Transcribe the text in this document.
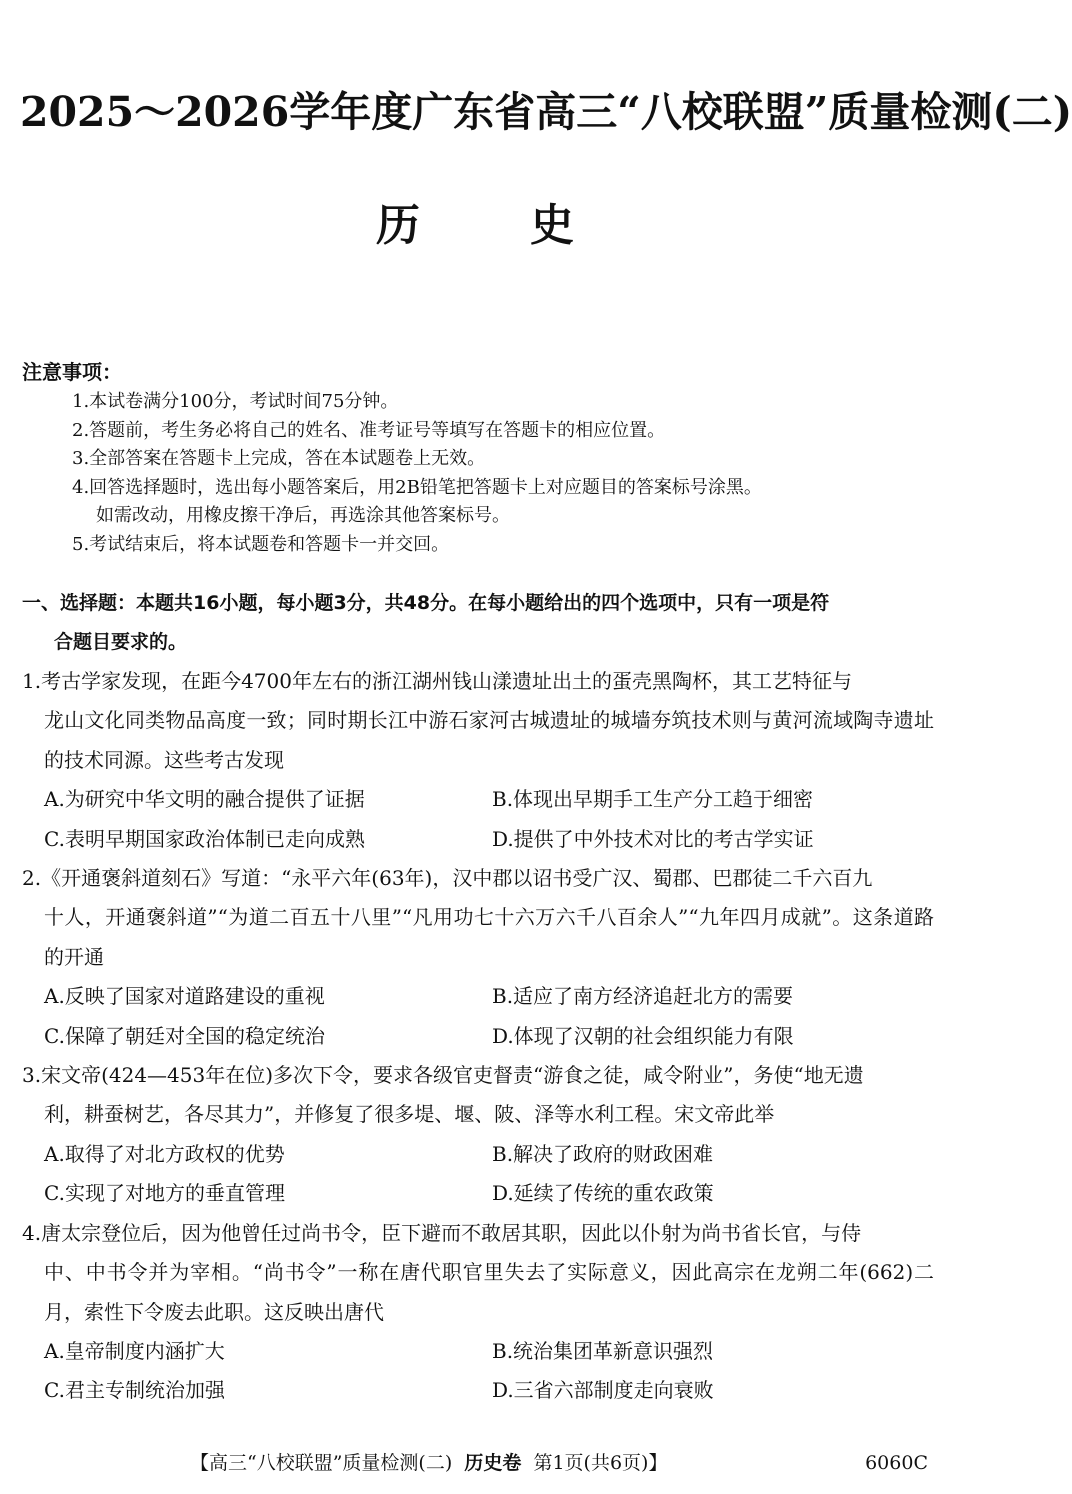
2025～2026学年度广东省高三“八校联盟”质量检测(二)
历	史
注意事项：
1.本试卷满分100分，考试时间75分钟。
2.答题前，考生务必将自己的姓名、准考证号等填写在答题卡的相应位置。
3.全部答案在答题卡上完成，答在本试题卷上无效。
4.回答选择题时，选出每小题答案后，用2B铅笔把答题卡上对应题目的答案标号涂黑。
如需改动，用橡皮擦干净后，再选涂其他答案标号。
5.考试结束后，将本试题卷和答题卡一并交回。
一、选择题：本题共16小题，每小题3分，共48分。在每小题给出的四个选项中，只有一项是符
合题目要求的。
1.考古学家发现，在距今4700年左右的浙江湖州钱山漾遗址出土的蛋壳黑陶杯，其工艺特征与
龙山文化同类物品高度一致；同时期长江中游石家河古城遗址的城墙夯筑技术则与黄河流域陶寺遗址的技术同源。这些考古发现
A.为研究中华文明的融合提供了证据	B.体现出早期手工生产分工趋于细密
C.表明早期国家政治体制已走向成熟	D.提供了中外技术对比的考古学实证
2.《开通褒斜道刻石》写道：“永平六年(63年)，汉中郡以诏书受广汉、蜀郡、巴郡徒二千六百九
十人，开通褒斜道”“为道二百五十八里”“凡用功七十六万六千八百余人”“九年四月成就”。这条道路的开通
A.反映了国家对道路建设的重视	B.适应了南方经济追赶北方的需要
C.保障了朝廷对全国的稳定统治	D.体现了汉朝的社会组织能力有限
3.宋文帝(424—453年在位)多次下令，要求各级官吏督责“游食之徒，咸令附业”，务使“地无遗
利，耕蚕树艺，各尽其力”，并修复了很多堤、堰、陂、泽等水利工程。宋文帝此举
A.取得了对北方政权的优势	B.解决了政府的财政困难
C.实现了对地方的垂直管理	D.延续了传统的重农政策
4.唐太宗登位后，因为他曾任过尚书令，臣下避而不敢居其职，因此以仆射为尚书省长官，与侍
中、中书令并为宰相。“尚书令”一称在唐代职官里失去了实际意义，因此高宗在龙朔二年(662)二月，索性下令废去此职。这反映出唐代
A.皇帝制度内涵扩大	B.统治集团革新意识强烈
C.君主专制统治加强	D.三省六部制度走向衰败
【高三“八校联盟”质量检测(二) 历史卷 第1页(共6页)】	6060C
